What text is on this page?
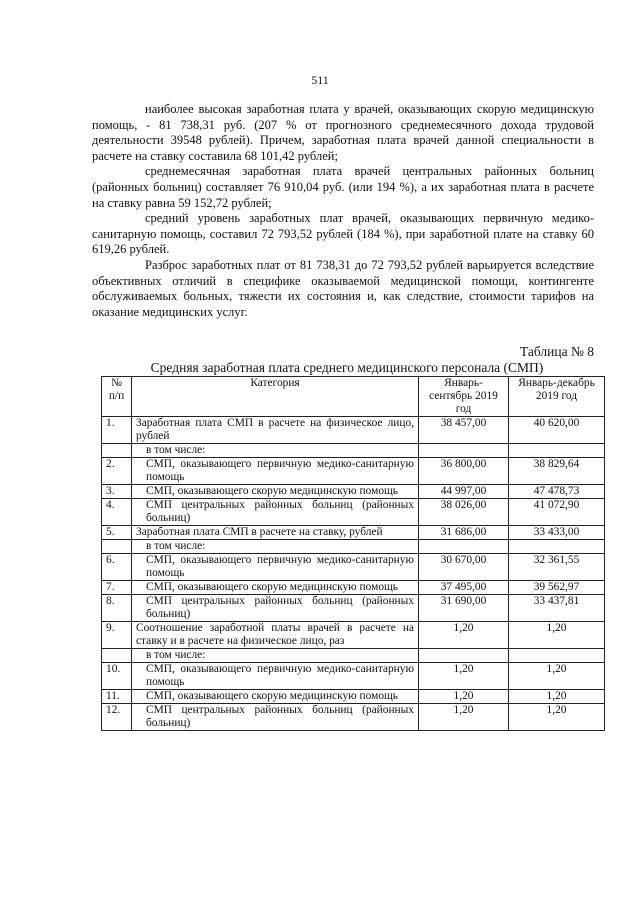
511

наиболее высокая заработная плата у врачей, оказывающих скорую медицинскую помощь, - 81 738,31 руб. (207 % от прогнозного среднемесячного дохода трудовой деятельности 39548 рублей). Причем, заработная плата врачей данной специальности в расчете на ставку составила 68 101,42 рублей;

среднемесячная заработная плата врачей центральных районных больниц (районных больниц) составляет 76 910,04 руб. (или 194 %), а их заработная плата в расчете на ставку равна 59 152,72 рублей;

средний уровень заработных плат врачей, оказывающих первичную медико-санитарную помощь, составил 72 793,52 рублей (184 %), при заработной плате на ставку 60 619,26 рублей.

Разброс заработных плат от 81 738,31 до 72 793,52 рублей варьируется вследствие объективных отличий в специфике оказываемой медицинской помощи, контингенте обслуживаемых больных, тяжести их состояния и, как следствие, стоимости тарифов на оказание медицинских услуг.

Таблица № 8
Средняя заработная плата среднего медицинского персонала (СМП)
№ п/п	Категория	Январь-сентябрь 2019 год	Январь-декабрь 2019 год
1.	Заработная плата СМП в расчете на физическое лицо, рублей	38 457,00	40 620,00
	в том числе:		
2.	СМП, оказывающего первичную медико-санитарную помощь	36 800,00	38 829,64
3.	СМП, оказывающего скорую медицинскую помощь	44 997,00	47 478,73
4.	СМП центральных районных больниц (районных больниц)	38 026,00	41 072,90
5.	Заработная плата СМП в расчете на ставку, рублей	31 686,00	33 433,00
	в том числе:		
6.	СМП, оказывающего первичную медико-санитарную помощь	30 670,00	32 361,55
7.	СМП, оказывающего скорую медицинскую помощь	37 495,00	39 562,97
8.	СМП центральных районных больниц (районных больниц)	31 690,00	33 437,81
9.	Соотношение заработной платы врачей в расчете на ставку и в расчете на физическое лицо, раз	1,20	1,20
	в том числе:		
10.	СМП, оказывающего первичную медико-санитарную помощь	1,20	1,20
11.	СМП, оказывающего скорую медицинскую помощь	1,20	1,20
12.	СМП центральных районных больниц (районных больниц)	1,20	1,20
